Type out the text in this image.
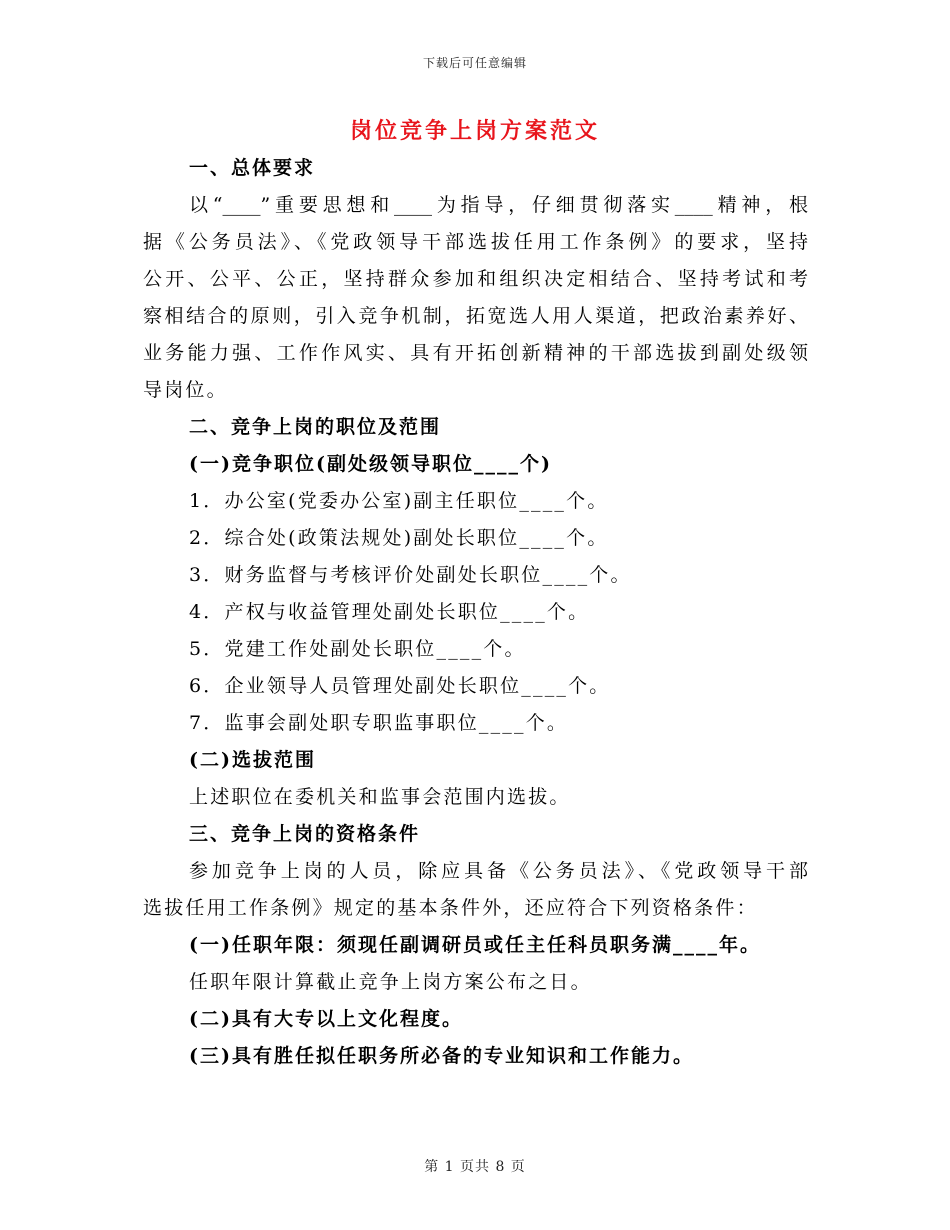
下载后可任意编辑
岗位竞争上岗方案范文
一、总体要求
以“____”重要思想和____为指导，仔细贯彻落实____精神，根
据《公务员法》、《党政领导干部选拔任用工作条例》的要求，坚持
公开、公平、公正，坚持群众参加和组织决定相结合、坚持考试和考
察相结合的原则，引入竞争机制，拓宽选人用人渠道，把政治素养好、
业务能力强、工作作风实、具有开拓创新精神的干部选拔到副处级领
导岗位。
二、竞争上岗的职位及范围
(一)竞争职位(副处级领导职位____个)
1．办公室(党委办公室)副主任职位____个。
2．综合处(政策法规处)副处长职位____个。
3．财务监督与考核评价处副处长职位____个。
4．产权与收益管理处副处长职位____个。
5．党建工作处副处长职位____个。
6．企业领导人员管理处副处长职位____个。
7．监事会副处职专职监事职位____个。
(二)选拔范围
上述职位在委机关和监事会范围内选拔。
三、竞争上岗的资格条件
参加竞争上岗的人员，除应具备《公务员法》、《党政领导干部
选拔任用工作条例》规定的基本条件外，还应符合下列资格条件：
(一)任职年限：须现任副调研员或任主任科员职务满____年。
任职年限计算截止竞争上岗方案公布之日。
(二)具有大专以上文化程度。
(三)具有胜任拟任职务所必备的专业知识和工作能力。
第 1 页共 8 页
